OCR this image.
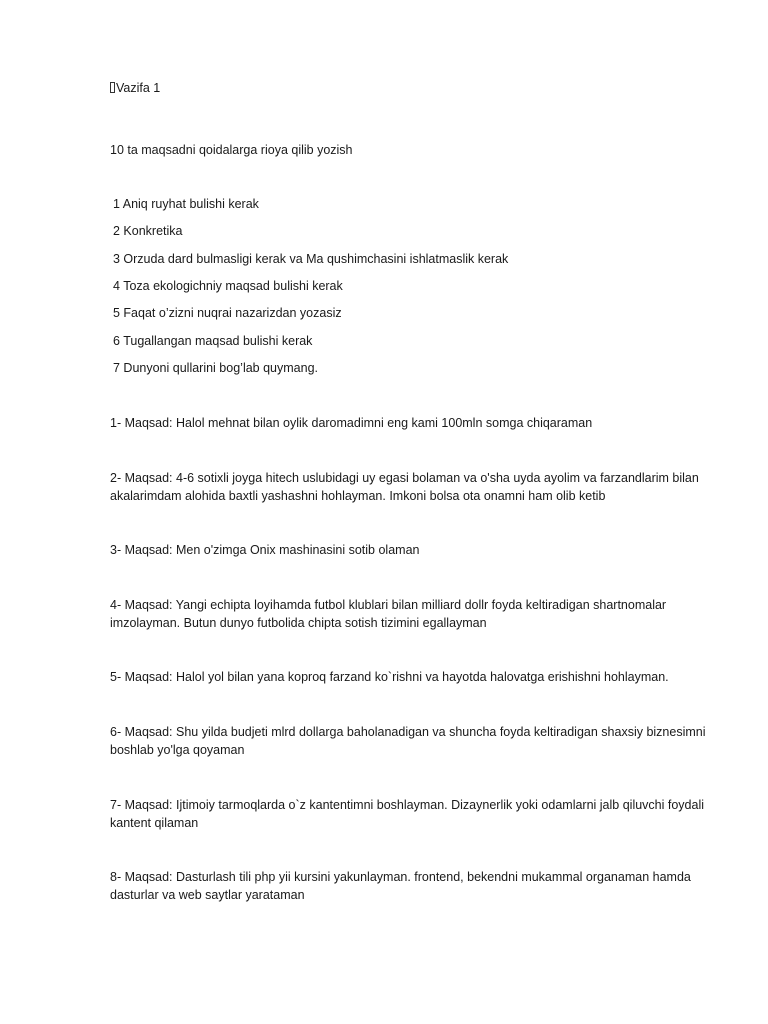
Vazifa 1
10 ta maqsadni qoidalarga rioya qilib yozish
1 Aniq ruyhat bulishi kerak
2 Konkretika
3 Orzuda dard bulmasligi kerak va Ma qushimchasini ishlatmaslik kerak
4 Toza ekologichniy maqsad bulishi kerak
5 Faqat o’zizni nuqrai nazarizdan yozasiz
6 Tugallangan maqsad bulishi kerak
7 Dunyoni qullarini bog’lab quymang.
1- Maqsad: Halol mehnat bilan oylik daromadimni eng kami 100mln somga chiqaraman
2- Maqsad: 4-6 sotixli joyga hitech uslubidagi uy egasi bolaman va o'sha uyda ayolim va farzandlarim bilan akalarimdam alohida baxtli yashashni hohlayman. Imkoni bolsa ota onamni ham olib ketib
3- Maqsad: Men o'zimga Onix mashinasini sotib olaman
4- Maqsad: Yangi echipta loyihamda futbol klublari bilan milliard dollr foyda keltiradigan shartnomalar imzolayman. Butun dunyo futbolida chipta sotish tizimini egallayman
5- Maqsad: Halol yol bilan yana koproq farzand ko`rishni va hayotda halovatga erishishni hohlayman.
6- Maqsad: Shu yilda budjeti mlrd dollarga baholanadigan va shuncha foyda keltiradigan shaxsiy biznesimni boshlab yo'lga qoyaman
7- Maqsad: Ijtimoiy tarmoqlarda o`z kantentimni boshlayman. Dizaynerlik yoki odamlarni jalb qiluvchi foydali kantent qilaman
8- Maqsad: Dasturlash tili php yii kursini yakunlayman. frontend, bekendni mukammal organaman hamda dasturlar va web saytlar yarataman
